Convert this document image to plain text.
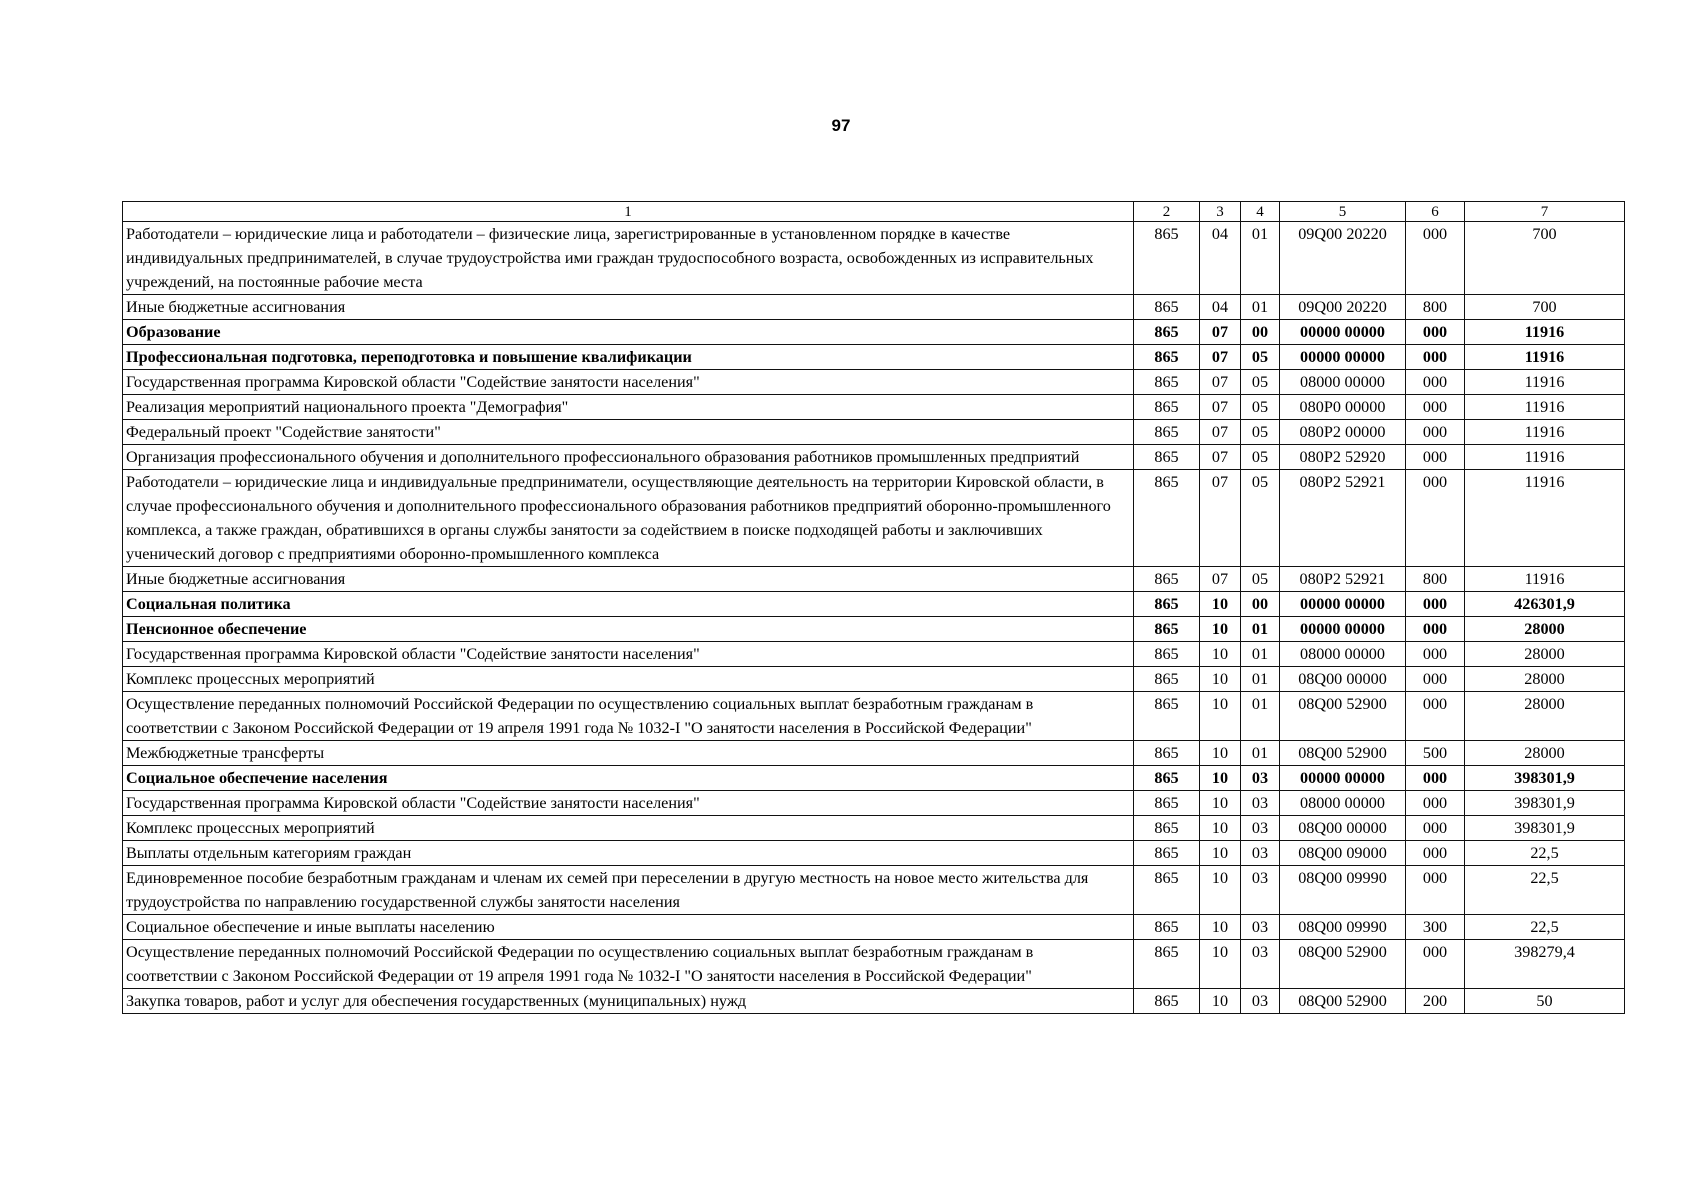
97
1	2	3	4	5	6	7
Работодатели – юридические лица и работодатели – физические лица, зарегистрированные в установленном порядке в качестве индивидуальных предпринимателей, в случае трудоустройства ими граждан трудоспособного возраста, освобожденных из исправительных учреждений, на постоянные рабочие места	865	04	01	09Q00 20220	000	700
Иные бюджетные ассигнования	865	04	01	09Q00 20220	800	700
Образование	865	07	00	00000 00000	000	11916
Профессиональная подготовка, переподготовка и повышение квалификации	865	07	05	00000 00000	000	11916
Государственная программа Кировской области "Содействие занятости населения"	865	07	05	08000 00000	000	11916
Реализация мероприятий национального проекта "Демография"	865	07	05	080P0 00000	000	11916
Федеральный проект "Содействие занятости"	865	07	05	080P2 00000	000	11916
Организация профессионального обучения и дополнительного профессионального образования работников промышленных предприятий	865	07	05	080P2 52920	000	11916
Работодатели – юридические лица и индивидуальные предприниматели, осуществляющие деятельность на территории Кировской области, в случае профессионального обучения и дополнительного профессионального образования работников предприятий оборонно-промышленного комплекса, а также граждан, обратившихся в органы службы занятости за содействием в поиске подходящей работы и заключивших ученический договор с предприятиями оборонно-промышленного комплекса	865	07	05	080P2 52921	000	11916
Иные бюджетные ассигнования	865	07	05	080P2 52921	800	11916
Социальная политика	865	10	00	00000 00000	000	426301,9
Пенсионное обеспечение	865	10	01	00000 00000	000	28000
Государственная программа Кировской области "Содействие занятости населения"	865	10	01	08000 00000	000	28000
Комплекс процессных мероприятий	865	10	01	08Q00 00000	000	28000
Осуществление переданных полномочий Российской Федерации по осуществлению социальных выплат безработным гражданам в соответствии с Законом Российской Федерации от 19 апреля 1991 года № 1032-I "О занятости населения в Российской Федерации"	865	10	01	08Q00 52900	000	28000
Межбюджетные трансферты	865	10	01	08Q00 52900	500	28000
Социальное обеспечение населения	865	10	03	00000 00000	000	398301,9
Государственная программа Кировской области "Содействие занятости населения"	865	10	03	08000 00000	000	398301,9
Комплекс процессных мероприятий	865	10	03	08Q00 00000	000	398301,9
Выплаты отдельным категориям граждан	865	10	03	08Q00 09000	000	22,5
Единовременное пособие безработным гражданам и членам их семей при переселении в другую местность на новое место жительства для трудоустройства по направлению государственной службы занятости населения	865	10	03	08Q00 09990	000	22,5
Социальное обеспечение и иные выплаты населению	865	10	03	08Q00 09990	300	22,5
Осуществление переданных полномочий Российской Федерации по осуществлению социальных выплат безработным гражданам в соответствии с Законом Российской Федерации от 19 апреля 1991 года № 1032-I "О занятости населения в Российской Федерации"	865	10	03	08Q00 52900	000	398279,4
Закупка товаров, работ и услуг для обеспечения государственных (муниципальных) нужд	865	10	03	08Q00 52900	200	50
